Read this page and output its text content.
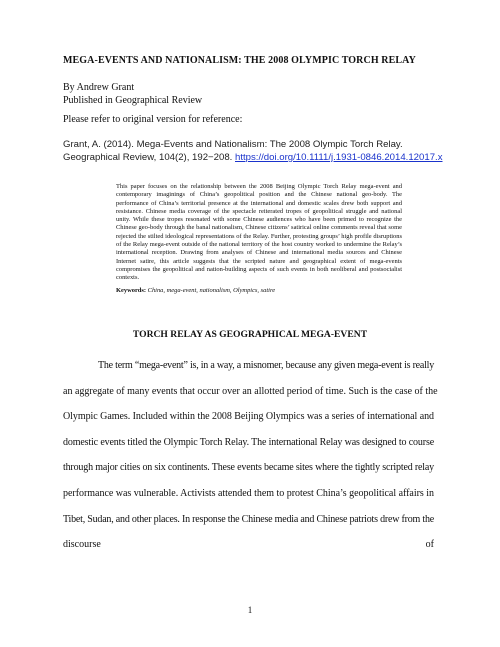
MEGA-EVENTS AND NATIONALISM: THE 2008 OLYMPIC TORCH RELAY
By Andrew Grant
Published in Geographical Review
Please refer to original version for reference:
Grant, A. (2014). Mega-Events and Nationalism: The 2008 Olympic Torch Relay. Geographical Review, 104(2), 192−208. https://doi.org/10.1111/j.1931-0846.2014.12017.x
This paper focuses on the relationship between the 2008 Beijing Olympic Torch Relay mega-event and contemporary imaginings of China’s geopolitical position and the Chinese national geo-body. The performance of China’s territorial presence at the international and domestic scales drew both support and resistance. Chinese media coverage of the spectacle reiterated tropes of geopolitical struggle and national unity. While these tropes resonated with some Chinese audiences who have been primed to recognize the Chinese geo-body through the banal nationalism, Chinese citizens’ satirical online comments reveal that some rejected the stilted ideological representations of the Relay. Further, protesting groups’ high profile disruptions of the Relay mega-event outside of the national territory of the host country worked to undermine the Relay’s international reception. Drawing from analyses of Chinese and international media sources and Chinese Internet satire, this article suggests that the scripted nature and geographical extent of mega-events compromises the geopolitical and nation-building aspects of such events in both neoliberal and postsocialist contexts.
Keywords: China, mega-event, nationalism, Olympics, satire
TORCH RELAY AS GEOGRAPHICAL MEGA-EVENT
The term “mega-event” is, in a way, a misnomer, because any given mega-event is really
an aggregate of many events that occur over an allotted period of time. Such is the case of the
Olympic Games. Included within the 2008 Beijing Olympics was a series of international and
domestic events titled the Olympic Torch Relay. The international Relay was designed to course
through major cities on six continents. These events became sites where the tightly scripted relay
performance was vulnerable. Activists attended them to protest China’s geopolitical affairs in
Tibet, Sudan, and other places. In response the Chinese media and Chinese patriots drew from the
discourse	of
1
